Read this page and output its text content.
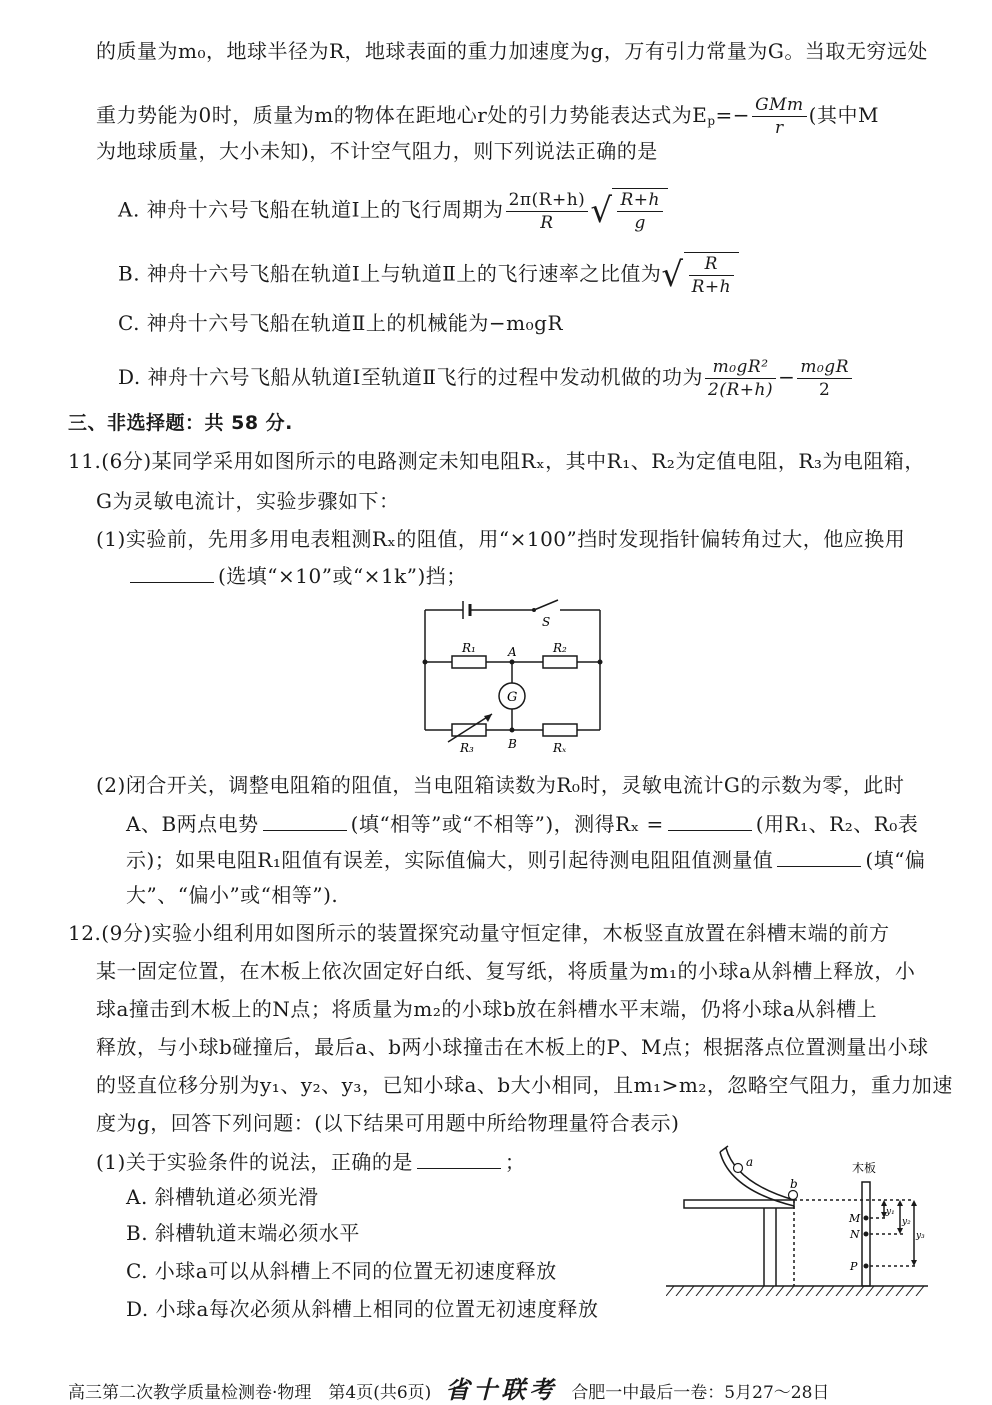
的质量为m₀，地球半径为R，地球表面的重力加速度为g，万有引力常量为G。当取无穷远处
重力势能为0时，质量为m的物体在距地心r处的引力势能表达式为$E_p=- \frac{\text{GMm}}{r}$ (其中M
为地球质量，大小未知)，不计空气阻力，则下列说法正确的是
A. 神舟十六号飞船在轨道Ⅰ上的飞行周期为 $\frac{2\pi(R+h)}{R}$ √ $\frac{R+h}{g}$
B. 神舟十六号飞船在轨道Ⅰ上与轨道Ⅱ上的飞行速率之比值为√ $\frac{R}{R+h}$
C. 神舟十六号飞船在轨道Ⅱ上的机械能为−m₀gR
D. 神舟十六号飞船从轨道Ⅰ至轨道Ⅱ飞行的过程中发动机做的功为 $\frac{\text{m₀gR²}}{2(R+h)} - \frac{\text{m₀gR}}{2}$
三、非选择题：共 58 分.
11.(6分)某同学采用如图所示的电路测定未知电阻Rₓ，其中R₁、R₂为定值电阻，R₃为电阻箱，
G为灵敏电流计，实验步骤如下：
(1)实验前，先用多用电表粗测Rₓ的阻值，用“×100”挡时发现指针偏转角过大，他应换用
(选填“×10”或“×1k”)挡；
S
R₁	A	R₂
G
R₃	B	Rₓ
(2)闭合开关，调整电阻箱的阻值，当电阻箱读数为R₀时，灵敏电流计G的示数为零，此时
A、B两点电势	(填“相等”或“不相等”)，测得Rₓ =	(用R₁、R₂、R₀表
示)；如果电阻R₁阻值有误差，实际值偏大，则引起待测电阻阻值测量值	(填“偏
大”、“偏小”或“相等”).
12.(9分)实验小组利用如图所示的装置探究动量守恒定律，木板竖直放置在斜槽末端的前方
某一固定位置，在木板上依次固定好白纸、复写纸，将质量为m₁的小球a从斜槽上释放，小
球a撞击到木板上的N点；将质量为m₂的小球b放在斜槽水平末端，仍将小球a从斜槽上
释放，与小球b碰撞后，最后a、b两小球撞击在木板上的P、M点；根据落点位置测量出小球
的竖直位移分别为y₁、y₂、y₃，已知小球a、b大小相同，且m₁>m₂，忽略空气阻力，重力加速
度为g，回答下列问题：(以下结果可用题中所给物理量符合表示)
(1)关于实验条件的说法，正确的是	；
A. 斜槽轨道必须光滑
B. 斜槽轨道末端必须水平
C. 小球a可以从斜槽上不同的位置无初速度释放
D. 小球a每次必须从斜槽上相同的位置无初速度释放
a
b
木板
M
N
P
y₁
y₂
y₃
高三第二次教学质量检测卷·物理　第4页(共6页) 省十联考 合肥一中最后一卷：5月27～28日
